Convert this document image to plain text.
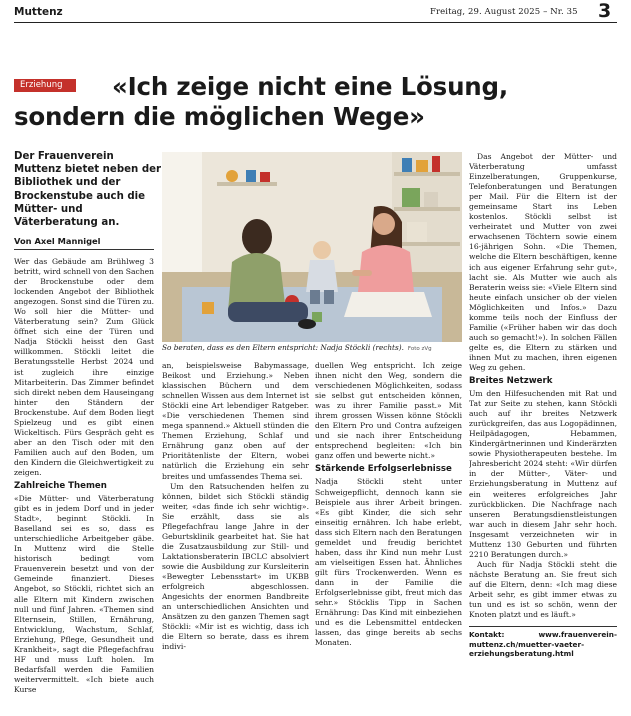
Muttenz	Freitag, 29. August 2025 – Nr. 35 3
«Ich zeige nicht eine Lösung, sondern die möglichen Wege»
Erziehung
Der Frauenverein Muttenz bietet neben der Bibliothek und der Brockenstube auch die Mütter- und Väterberatung an.
Von Axel Mannigel

Wer das Gebäude am Brühlweg 3 betritt, wird schnell von den Sachen der Brockenstube oder dem lockenden Angebot der Bibliothek angezogen. Sonst sind die Türen zu. Wo soll hier die Mütter- und Väterberatung sein? Zum Glück öffnet sich eine der Türen und Nadja Stöckli heisst den Gast willkommen. Stöckli leitet die Beratungsstelle Herbst 2024 und ist zugleich ihre einzige Mitarbeiterin. Das Zimmer befindet sich direkt neben dem Hauseingang hinter den Ständern der Brockenstube. Auf dem Boden liegt Spielzeug und es gibt einen Wickeltisch. Fürs Gespräch geht es aber an den Tisch oder mit den Familien auch auf den Boden, um den Kindern die Gleichwertigkeit zu zeigen.

Zahlreiche Themen

«Die Mütter- und Väterberatung gibt es in jedem Dorf und in jeder Stadt», beginnt Stöckli. In Baselland sei es so, dass es unterschiedliche Arbeitgeber gäbe. In Muttenz wird die Stelle historisch bedingt vom Frauenverein besetzt und von der Gemeinde finanziert. Dieses Angebot, so Stöckli, richtet sich an alle Eltern mit Kindern zwischen null und fünf Jahren. «Themen sind Elternsein, Stillen, Ernährung, Entwicklung, Wachstum, Schlaf, Erziehung, Pflege, Gesundheit und Krankheit», sagt die Pflegefachfrau HF und muss Luft holen. Im Bedarfsfall werden die Familien weitervermittelt. «Ich biete auch Kurse

So beraten, dass es den Eltern entspricht: Nadja Stöckli (rechts). Foto zVg

an, beispielsweise Babymassage, Beikost und Erziehung.» Neben klassischen Büchern und dem schnellen Wissen aus dem Internet ist Stöckli eine Art lebendiger Ratgeber. «Die verschiedenen Themen sind mega spannend.» Aktuell stünden die Themen Erziehung, Schlaf und Ernährung ganz oben auf der Prioritätenliste der Eltern, wobei natürlich die Erziehung ein sehr breites und umfassendes Thema sei.

Um den Ratsuchenden helfen zu können, bildet sich Stöckli ständig weiter, «das finde ich sehr wichtig». Sie erzählt, dass sie als Pflegefachfrau lange Jahre in der Geburtsklinik gearbeitet hat. Sie hat die Zusatzausbildung zur Still- und Laktationsberaterin IBCLC absolviert sowie die Ausbildung zur Kursleiterin «Bewegter Lebensstart» im UKBB erfolgreich abgeschlossen. Angesichts der enormen Bandbreite an unterschiedlichen Ansichten und Ansätzen zu den ganzen Themen sagt Stöckli: «Mir ist es wichtig, dass ich die Eltern so berate, dass es ihrem indivi-

duellen Weg entspricht. Ich zeige ihnen nicht den Weg, sondern die verschiedenen Möglichkeiten, sodass sie selbst gut entscheiden können, was zu ihrer Familie passt.» Mit ihrem grossen Wissen könne Stöckli den Eltern Pro und Contra aufzeigen und sie nach ihrer Entscheidung entsprechend begleiten: «Ich bin ganz offen und bewerte nicht.»

Stärkende Erfolgserlebnisse

Nadja Stöckli steht unter Schweigepflicht, dennoch kann sie Beispiele aus ihrer Arbeit bringen. «Es gibt Kinder, die sich sehr einseitig ernähren. Ich habe erlebt, dass sich Eltern nach den Beratungen gemeldet und freudig berichtet haben, dass ihr Kind nun mehr Lust am vielseitigen Essen hat. Ähnliches gilt fürs Trockenwerden. Wenn es dann in der Familie die Erfolgserlebnisse gibt, freut mich das sehr.» Stöcklis Tipp in Sachen Ernährung: Das Kind mit einbeziehen und es die Lebensmittel entdecken lassen, das ginge bereits ab sechs Monaten.

Das Angebot der Mütter- und Väterberatung umfasst Einzelberatungen, Gruppenkurse, Telefonberatungen und Beratungen per Mail. Für die Eltern ist der gemeinsame Start ins Leben kostenlos. Stöckli selbst ist verheiratet und Mutter von zwei erwachsenen Töchtern sowie einem 16-jährigen Sohn. «Die Themen, welche die Eltern beschäftigen, kenne ich aus eigener Erfahrung sehr gut», lacht sie. Als Mutter wie auch als Beraterin weiss sie: «Viele Eltern sind heute einfach unsicher ob der vielen Möglichkeiten und Infos.» Dazu komme teils noch der Einfluss der Familie («Früher haben wir das doch auch so gemacht!»). In solchen Fällen gelte es, die Eltern zu stärken und ihnen Mut zu machen, ihren eigenen Weg zu gehen.

Breites Netzwerk

Um den Hilfesuchenden mit Rat und Tat zur Seite zu stehen, kann Stöckli auch auf ihr breites Netzwerk zurückgreifen, das aus Logopädinnen, Heilpädagogen, Hebammen, Kindergärtnerinnen und Kinderärzten sowie Physiotherapeuten bestehe. Im Jahresbericht 2024 steht: «Wir dürfen in der Mütter-, Väter- und Erziehungsberatung in Muttenz auf ein weiteres erfolgreiches Jahr zurückblicken. Die Nachfrage nach unseren Beratungsdienstleistungen war auch in diesem Jahr sehr hoch. Insgesamt verzeichneten wir in Muttenz 130 Geburten und führten 2210 Beratungen durch.»

Auch für Nadja Stöckli steht die nächste Beratung an. Sie freut sich auf die Eltern, denn: «Ich mag diese Arbeit sehr, es gibt immer etwas zu tun und es ist so schön, wenn der Knoten platzt und es läuft.»

Kontakt: www.frauenverein-muttenz.ch/muetter-vaeter-erziehungsberatung.html
